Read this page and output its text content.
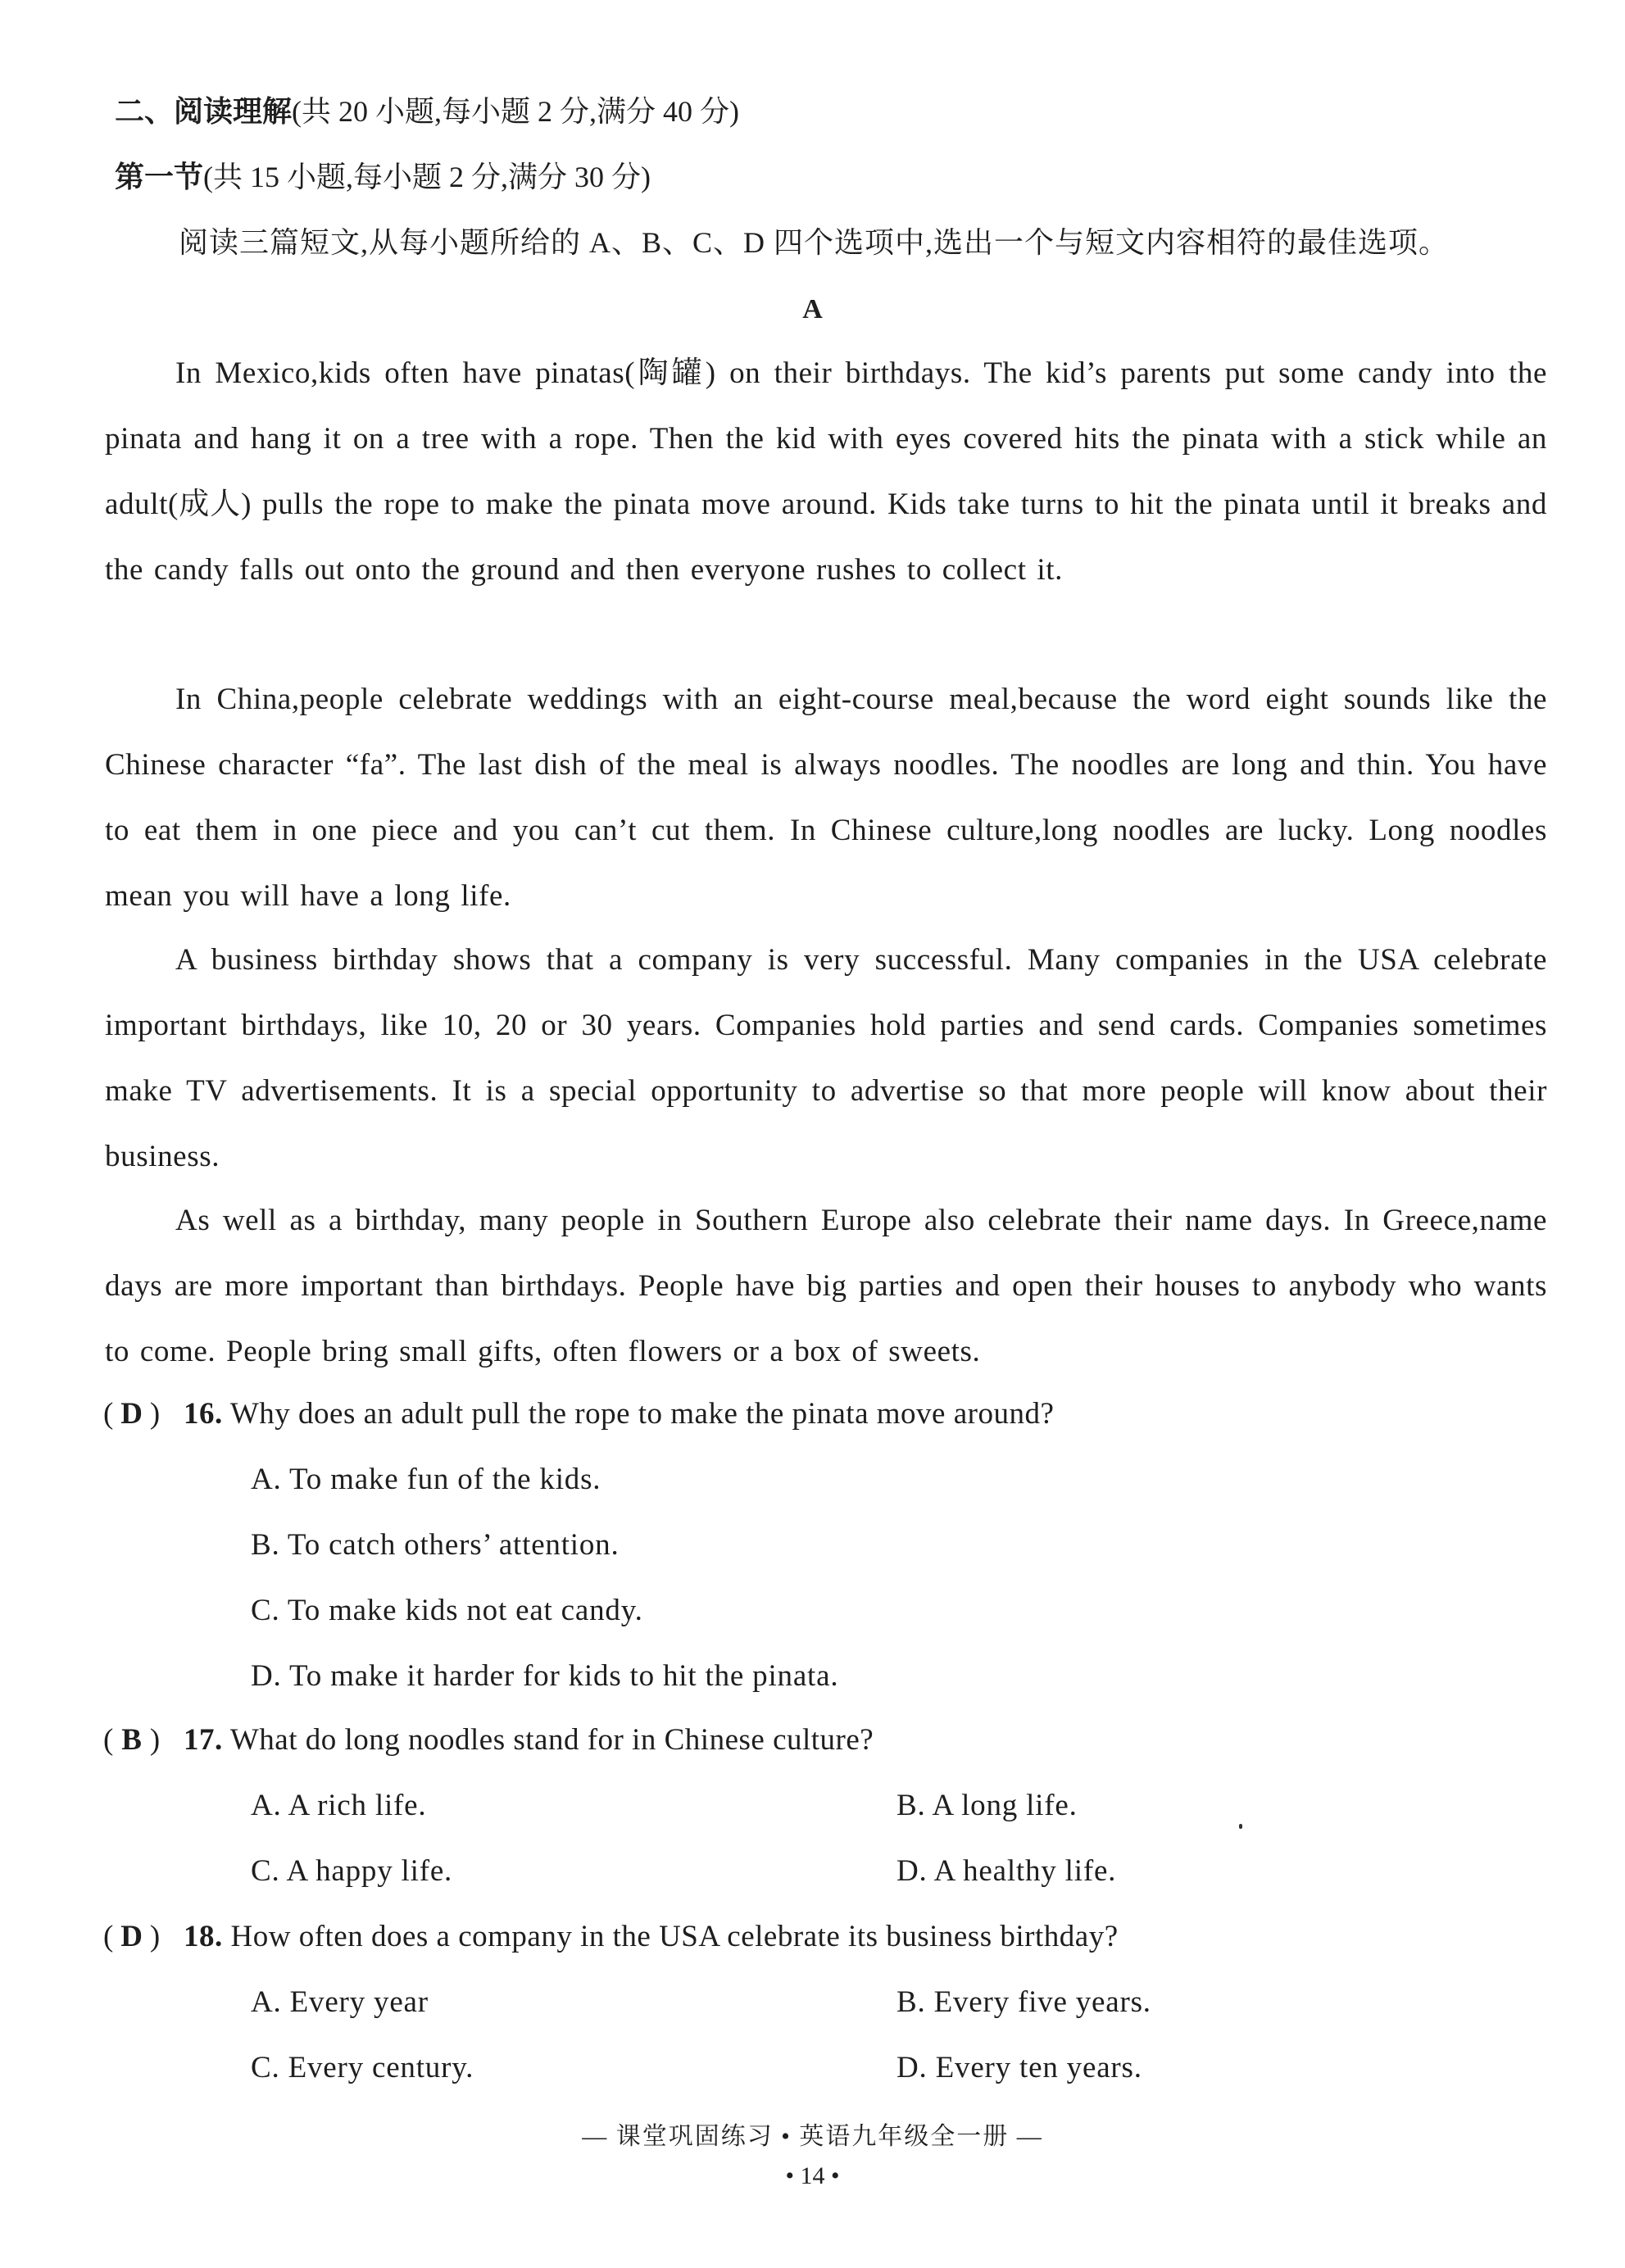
二、阅读理解(共 20 小题,每小题 2 分,满分 40 分)
第一节(共 15 小题,每小题 2 分,满分 30 分)
阅读三篇短文,从每小题所给的 A、B、C、D 四个选项中,选出一个与短文内容相符的最佳选项。
A

In Mexico,kids often have pinatas(陶罐) on their birthdays. The kid’s parents put some candy into the pinata and hang it on a tree with a rope. Then the kid with eyes covered hits the pinata with a stick while an adult(成人) pulls the rope to make the pinata move around. Kids take turns to hit the pinata until it breaks and the candy falls out onto the ground and then everyone rushes to collect it.

In China,people celebrate weddings with an eight-course meal,because the word eight sounds like the Chinese character “fa”. The last dish of the meal is always noodles. The noodles are long and thin. You have to eat them in one piece and you can’t cut them. In Chinese culture,long noodles are lucky. Long noodles mean you will have a long life.

A business birthday shows that a company is very successful. Many companies in the USA celebrate important birthdays, like 10, 20 or 30 years. Companies hold parties and send cards. Companies sometimes make TV advertisements. It is a special opportunity to advertise so that more people will know about their business.

As well as a birthday, many people in Southern Europe also celebrate their name days. In Greece,name days are more important than birthdays. People have big parties and open their houses to anybody who wants to come. People bring small gifts, often flowers or a box of sweets.

( D ) 16. Why does an adult pull the rope to make the pinata move around?
A. To make fun of the kids.
B. To catch others’ attention.
C. To make kids not eat candy.
D. To make it harder for kids to hit the pinata.
( B ) 17. What do long noodles stand for in Chinese culture?
A. A rich life.	B. A long life.
C. A happy life.	D. A healthy life.
( D ) 18. How often does a company in the USA celebrate its business birthday?
A. Every year	B. Every five years.
C. Every century.	D. Every ten years.
— 课堂巩固练习 • 英语九年级全一册 —
• 14 •
